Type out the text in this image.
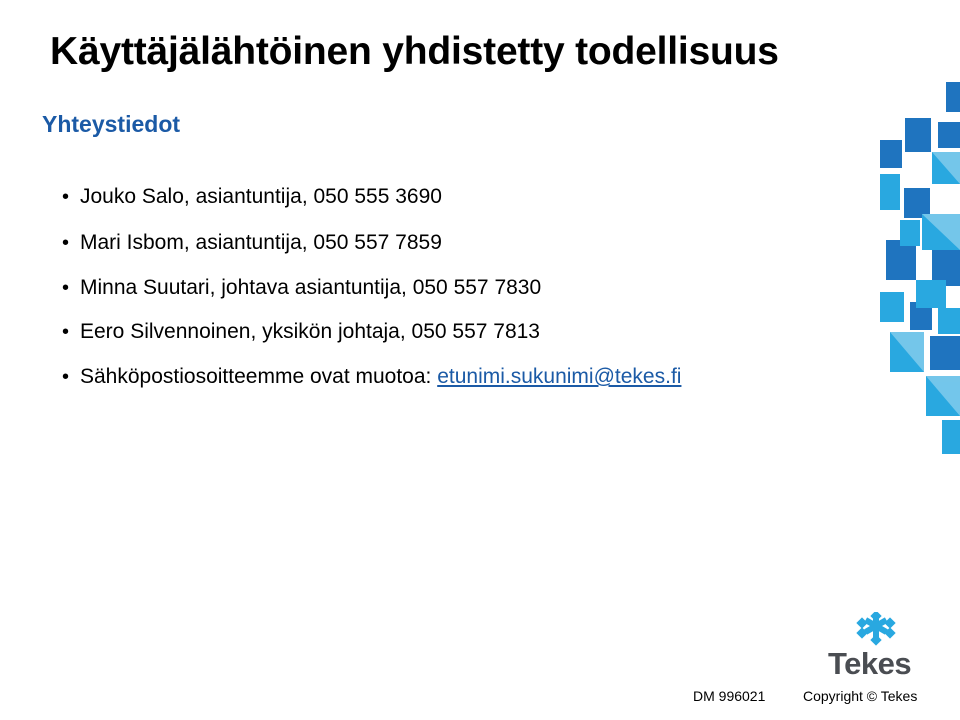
Käyttäjälähtöinen yhdistetty todellisuus
Yhteystiedot
• Jouko Salo, asiantuntija, 050 555 3690
• Mari Isbom, asiantuntija, 050 557 7859
• Minna Suutari, johtava asiantuntija, 050 557 7830
• Eero Silvennoinen, yksikön johtaja, 050 557 7813
• Sähköpostiosoitteemme ovat muotoa: etunimi.sukunimi@tekes.fi
Tekes
DM 996021	Copyright © Tekes
